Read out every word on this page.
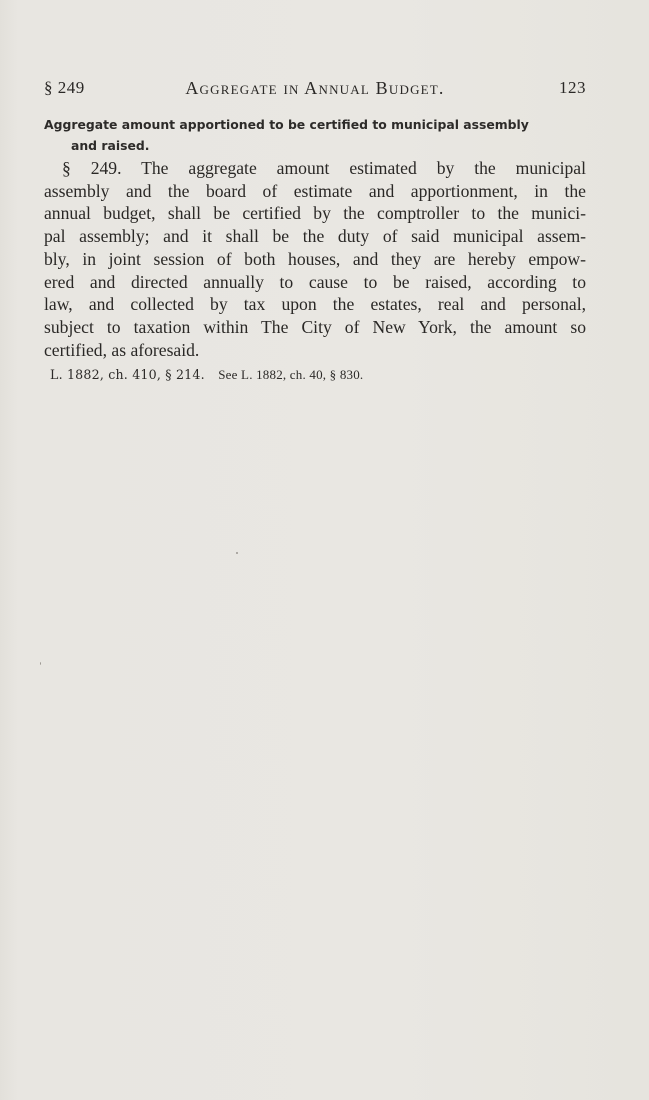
§ 249	Aggregate in Annual Budget.	123
Aggregate amount apportioned to be certified to municipal assembly
and raised.
§ 249. The aggregate amount estimated by the municipal
assembly and the board of estimate and apportionment, in the
annual budget, shall be certified by the comptroller to the munici-
pal assembly; and it shall be the duty of said municipal assem-
bly, in joint session of both houses, and they are hereby empow-
ered and directed annually to cause to be raised, according to
law, and collected by tax upon the estates, real and personal,
subject to taxation within The City of New York, the amount so
certified, as aforesaid.
L. 1882, ch. 410, § 214. See L. 1882, ch. 40, § 830.
